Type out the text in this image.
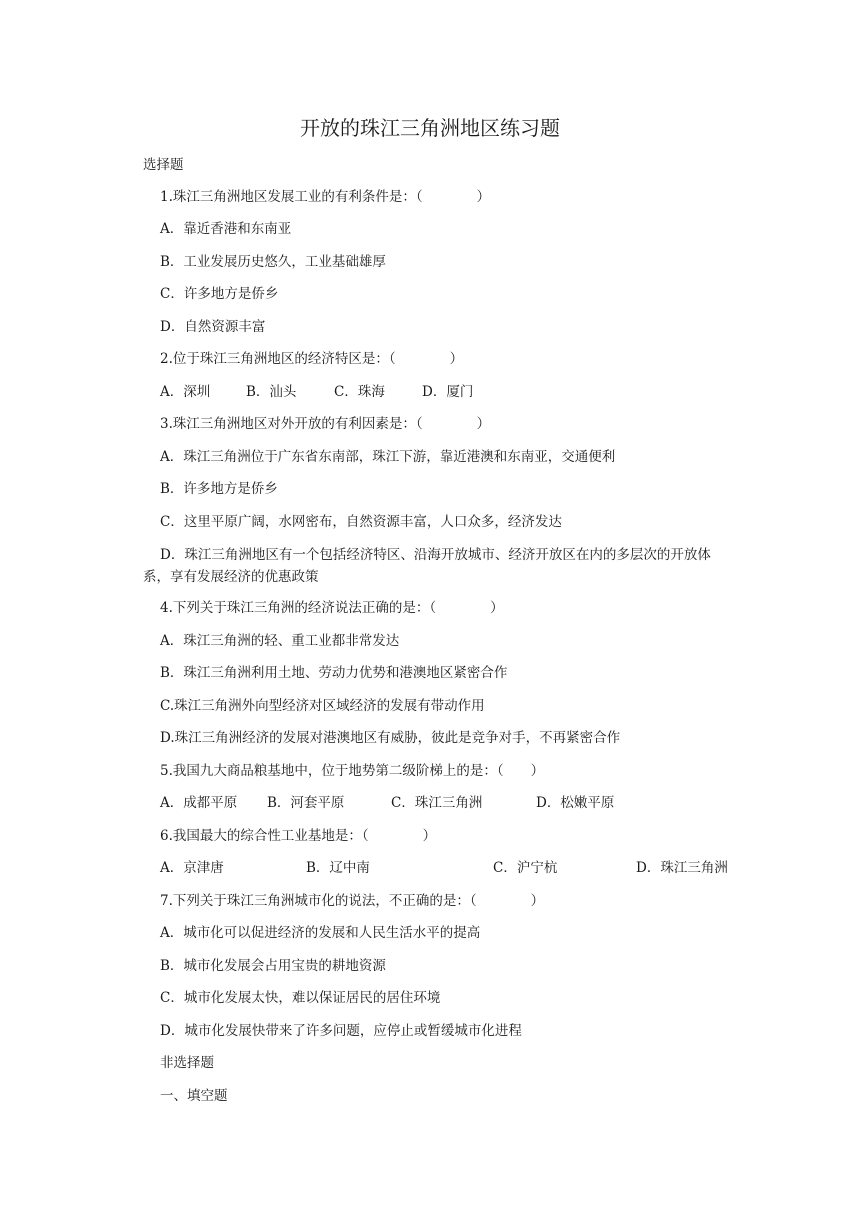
开放的珠江三角洲地区练习题
选择题
1.珠江三角洲地区发展工业的有利条件是：（　　　　）
A．靠近香港和东南亚
B．工业发展历史悠久，工业基础雄厚
C．许多地方是侨乡
D．自然资源丰富
2.位于珠江三角洲地区的经济特区是：（　　　　）
A．深圳	B．汕头	C．珠海	D．厦门
3.珠江三角洲地区对外开放的有利因素是：（　　　　）
A．珠江三角洲位于广东省东南部，珠江下游，靠近港澳和东南亚，交通便利
B．许多地方是侨乡
C．这里平原广阔，水网密布，自然资源丰富，人口众多，经济发达
D．珠江三角洲地区有一个包括经济特区、沿海开放城市、经济开放区在内的多层次的开放体系，享有发展经济的优惠政策
4.下列关于珠江三角洲的经济说法正确的是：（　　　　）
A．珠江三角洲的轻、重工业都非常发达
B．珠江三角洲利用土地、劳动力优势和港澳地区紧密合作
C.珠江三角洲外向型经济对区域经济的发展有带动作用
D.珠江三角洲经济的发展对港澳地区有威胁，彼此是竞争对手，不再紧密合作
5.我国九大商品粮基地中，位于地势第二级阶梯上的是：（　　）
A．成都平原 B．河套平原	C．珠江三角洲	D．松嫩平原
6.我国最大的综合性工业基地是：（　　　　）
A．京津唐	B．辽中南	C．沪宁杭	D．珠江三角洲
7.下列关于珠江三角洲城市化的说法，不正确的是：（　　　　）
A．城市化可以促进经济的发展和人民生活水平的提高
B．城市化发展会占用宝贵的耕地资源
C．城市化发展太快，难以保证居民的居住环境
D．城市化发展快带来了许多问题，应停止或暂缓城市化进程
非选择题
一、填空题
